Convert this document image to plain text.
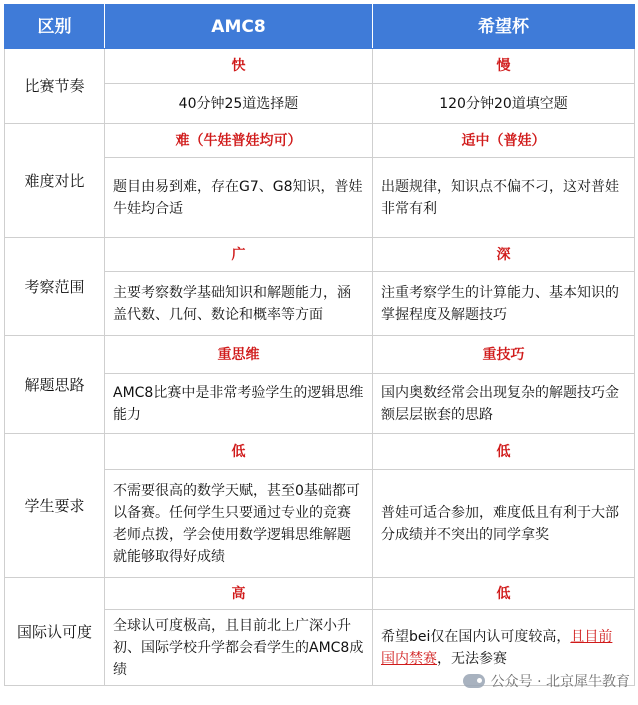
区别	AMC8	希望杯
比赛节奏	快	慢
	40分钟25道选择题	120分钟20道填空题
难度对比	难（牛娃普娃均可）	适中（普娃）
	题目由易到难，存在G7、G8知识，普娃牛娃均合适	出题规律，知识点不偏不刁，这对普娃非常有利
考察范围	广	深
	主要考察数学基础知识和解题能力，涵盖代数、几何、数论和概率等方面	注重考察学生的计算能力、基本知识的掌握程度及解题技巧
解题思路	重思维	重技巧
	AMC8比赛中是非常考验学生的逻辑思维能力	国内奥数经常会出现复杂的解题技巧金额层层嵌套的思路
学生要求	低	低
	不需要很高的数学天赋，甚至0基础都可以备赛。任何学生只要通过专业的竞赛老师点拨，学会使用数学逻辑思维解题就能够取得好成绩	普娃可适合参加，难度低且有利于大部分成绩并不突出的同学拿奖
国际认可度	高	低
	全球认可度极高，且目前北上广深小升初、国际学校升学都会看学生的AMC8成绩	希望bei仅在国内认可度较高，且目前国内禁赛，无法参赛
公众号 · 北京犀牛教育
